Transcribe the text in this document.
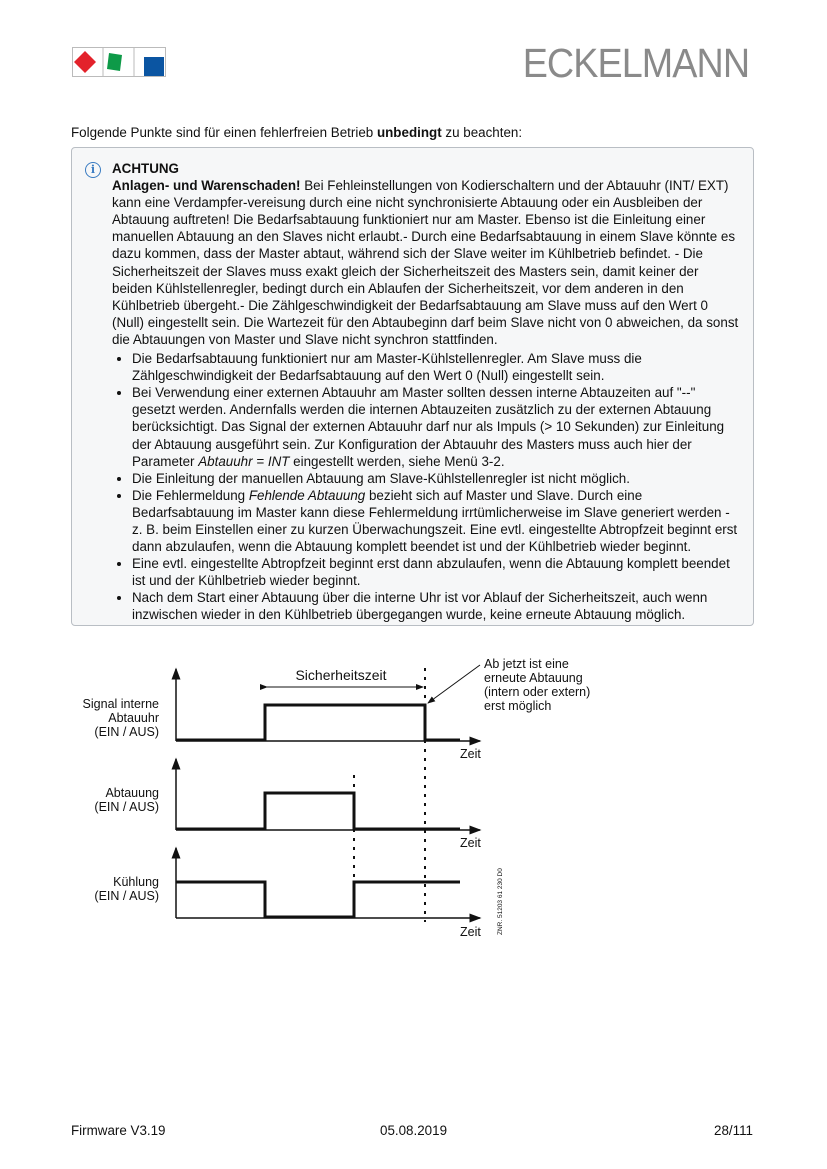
ECKELMANN
Folgende Punkte sind für einen fehlerfreien Betrieb unbedingt zu beachten:
i	ACHTUNG
Anlagen- und Warenschaden! Bei Fehleinstellungen von Kodierschaltern und der Abtauuhr (INT/ EXT) kann eine Verdampfer-vereisung durch eine nicht synchronisierte Abtauung oder ein Ausbleiben der Abtauung auftreten! Die Bedarfsabtauung funktioniert nur am Master. Ebenso ist die Einleitung einer manuellen Abtauung an den Slaves nicht erlaubt.- Durch eine Bedarfsabtauung in einem Slave könnte es dazu kommen, dass der Master abtaut, während sich der Slave weiter im Kühlbetrieb befindet. - Die Sicherheitszeit der Slaves muss exakt gleich der Sicherheitszeit des Masters sein, damit keiner der beiden Kühlstellenregler, bedingt durch ein Ablaufen der Sicherheitszeit, vor dem anderen in den Kühlbetrieb übergeht.- Die Zählgeschwindigkeit der Bedarfsabtauung am Slave muss auf den Wert 0 (Null) eingestellt sein. Die Wartezeit für den Abtaubeginn darf beim Slave nicht von 0 abweichen, da sonst die Abtauungen von Master und Slave nicht synchron stattfinden.
• Die Bedarfsabtauung funktioniert nur am Master-Kühlstellenregler. Am Slave muss die Zählgeschwindigkeit der Bedarfsabtauung auf den Wert 0 (Null) eingestellt sein.
• Bei Verwendung einer externen Abtauuhr am Master sollten dessen interne Abtauzeiten auf "--" gesetzt werden. Andernfalls werden die internen Abtauzeiten zusätzlich zu der externen Abtauung berücksichtigt. Das Signal der externen Abtauuhr darf nur als Impuls (> 10 Sekunden) zur Einleitung der Abtauung ausgeführt sein. Zur Konfiguration der Abtauuhr des Masters muss auch hier der Parameter Abtauuhr = INT eingestellt werden, siehe Menü 3-2.
• Die Einleitung der manuellen Abtauung am Slave-Kühlstellenregler ist nicht möglich.
• Die Fehlermeldung Fehlende Abtauung bezieht sich auf Master und Slave. Durch eine Bedarfsabtauung im Master kann diese Fehlermeldung irrtümlicherweise im Slave generiert werden - z. B. beim Einstellen einer zu kurzen Überwachungszeit. Eine evtl. eingestellte Abtropfzeit beginnt erst dann abzulaufen, wenn die Abtauung komplett beendet ist und der Kühlbetrieb wieder beginnt.
• Eine evtl. eingestellte Abtropfzeit beginnt erst dann abzulaufen, wenn die Abtauung komplett beendet ist und der Kühlbetrieb wieder beginnt.
• Nach dem Start einer Abtauung über die interne Uhr ist vor Ablauf der Sicherheitszeit, auch wenn inzwischen wieder in den Kühlbetrieb übergegangen wurde, keine erneute Abtauung möglich.
Sicherheitszeit
Ab jetzt ist eine
erneute Abtauung
(intern oder extern)
erst möglich
Signal interne
Abtauuhr
(EIN / AUS)
Zeit
Abtauung
(EIN / AUS)
Zeit
Kühlung
(EIN / AUS)
Zeit ZNR. 51203 61 230 D0
Firmware V3.19	05.08.2019	28/111
